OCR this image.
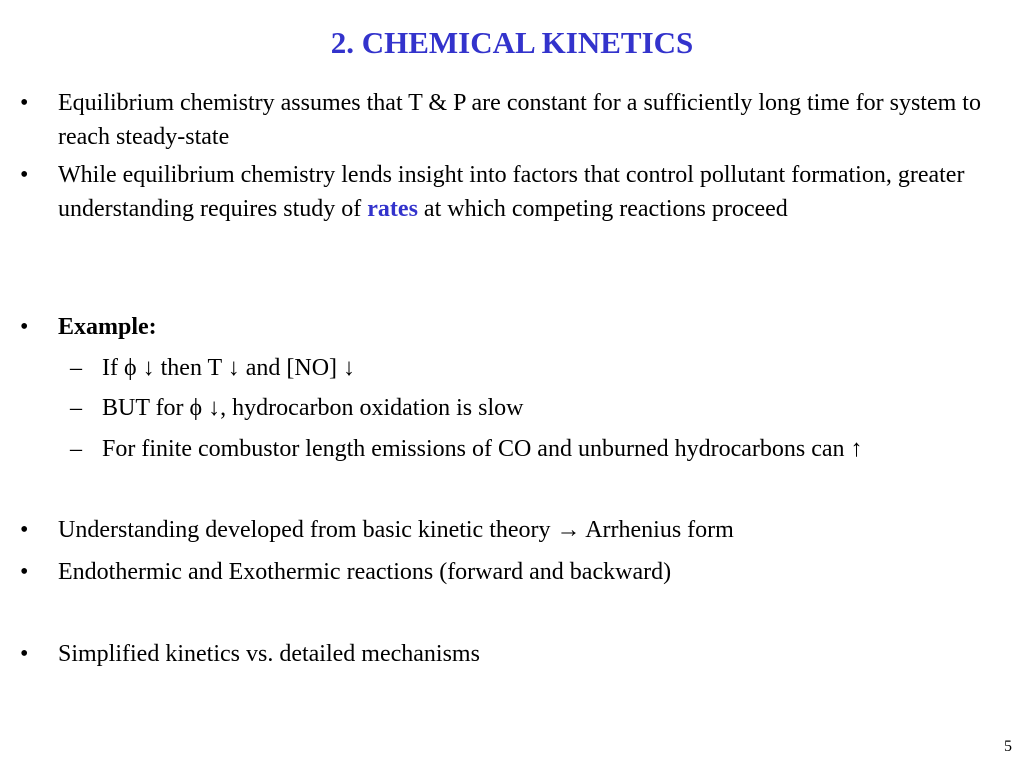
2. CHEMICAL KINETICS
•	Equilibrium chemistry assumes that T & P are constant for a sufficiently long time for system to reach steady-state
•	While equilibrium chemistry lends insight into factors that control pollutant formation, greater understanding requires study of rates at which competing reactions proceed
•	Example:
– If ϕ ↓ then T ↓ and [NO] ↓
– BUT for ϕ ↓, hydrocarbon oxidation is slow
– For finite combustor length emissions of CO and unburned hydrocarbons can ↑
•	Understanding developed from basic kinetic theory → Arrhenius form
•	Endothermic and Exothermic reactions (forward and backward)
•	Simplified kinetics vs. detailed mechanisms
5
